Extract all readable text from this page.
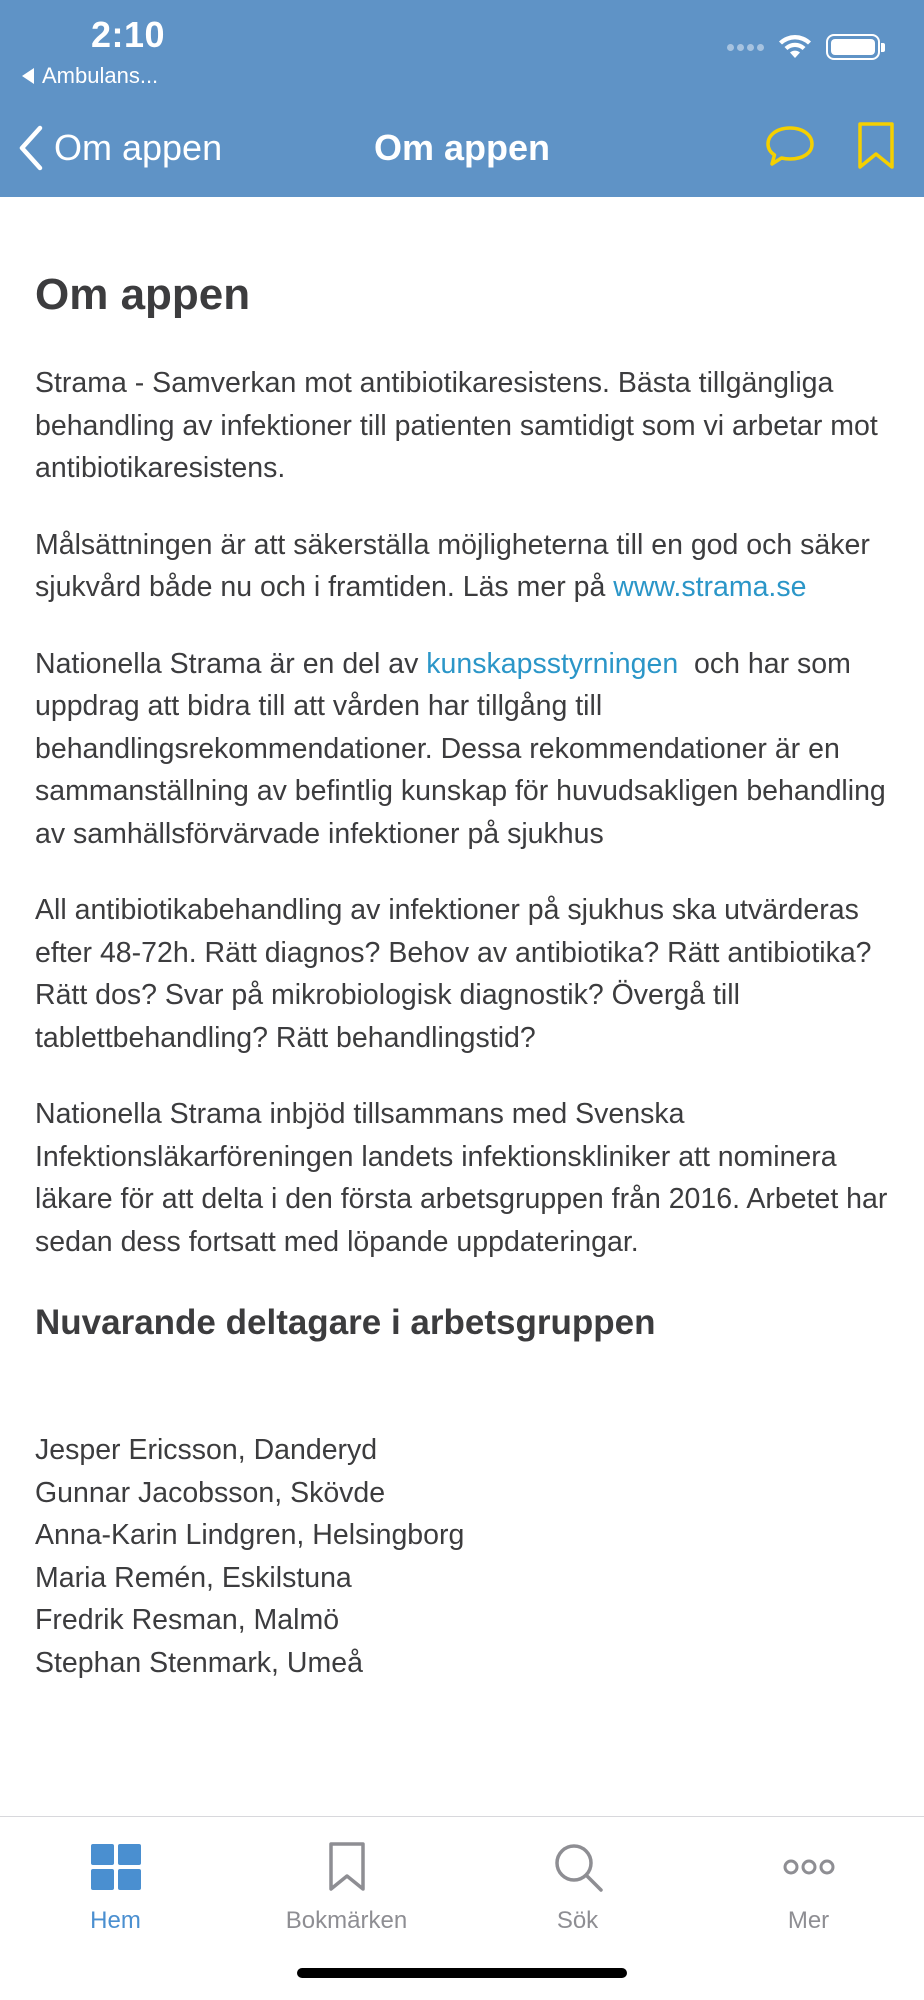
2:10
Ambulans...
Om appen	Om appen
Om appen

Strama - Samverkan mot antibiotikaresistens. Bästa tillgängliga behandling av infektioner till patienten samtidigt som vi arbetar mot antibiotikaresistens.

Målsättningen är att säkerställa möjligheterna till en god och säker sjukvård både nu och i framtiden. Läs mer på www.strama.se

Nationella Strama är en del av kunskapsstyrningen  och har som uppdrag att bidra till att vården har tillgång till behandlingsrekommendationer. Dessa rekommendationer är en sammanställning av befintlig kunskap för huvudsakligen behandling av samhällsförvärvade infektioner på sjukhus

All antibiotikabehandling av infektioner på sjukhus ska utvärderas efter 48-72h. Rätt diagnos? Behov av antibiotika? Rätt antibiotika? Rätt dos? Svar på mikrobiologisk diagnostik? Övergå till tablettbehandling? Rätt behandlingstid?

Nationella Strama inbjöd tillsammans med Svenska Infektionsläkarföreningen landets infektionskliniker att nominera läkare för att delta i den första arbetsgruppen från 2016. Arbetet har sedan dess fortsatt med löpande uppdateringar.

Nuvarande deltagare i arbetsgruppen
Jesper Ericsson, Danderyd
Gunnar Jacobsson, Skövde
Anna-Karin Lindgren, Helsingborg
Maria Remén, Eskilstuna
Fredrik Resman, Malmö
Stephan Stenmark, Umeå
Hem	Bokmärken	Sök	Mer
